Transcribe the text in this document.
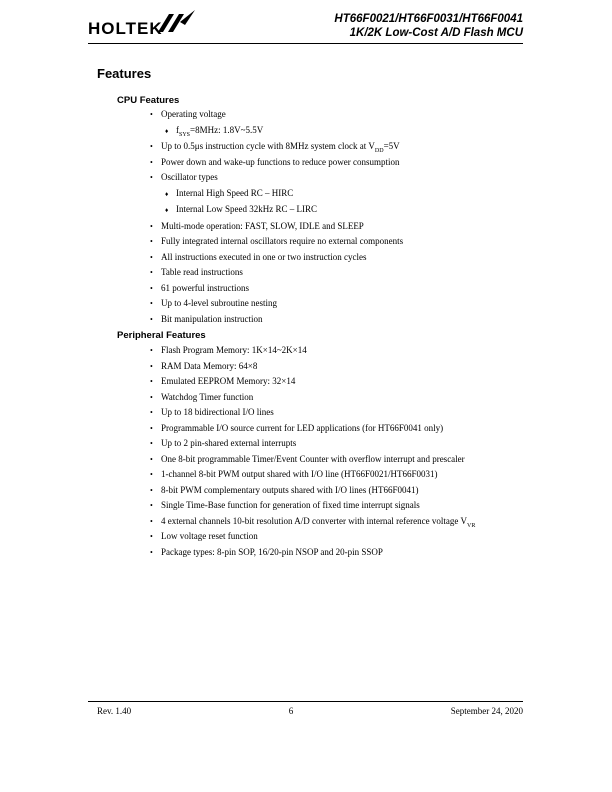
HOLTEK	HT66F0021/HT66F0031/HT66F0041
1K/2K Low-Cost A/D Flash MCU
Features
CPU Features
• Operating voltage
♦ $f_{SYS}=8MHz$: 1.8V~5.5V
• Up to 0.5μs instruction cycle with 8MHz system clock at $V_{DD}=5V$
• Power down and wake-up functions to reduce power consumption
• Oscillator types
♦ Internal High Speed RC – HIRC
♦ Internal Low Speed 32kHz RC – LIRC
• Multi-mode operation: FAST, SLOW, IDLE and SLEEP
• Fully integrated internal oscillators require no external components
• All instructions executed in one or two instruction cycles
• Table read instructions
• 61 powerful instructions
• Up to 4-level subroutine nesting
• Bit manipulation instruction
Peripheral Features
• Flash Program Memory: 1K×14~2K×14
• RAM Data Memory: 64×8
• Emulated EEPROM Memory: 32×14
• Watchdog Timer function
• Up to 18 bidirectional I/O lines
• Programmable I/O source current for LED applications (for HT66F0041 only)
• Up to 2 pin-shared external interrupts
• One 8-bit programmable Timer/Event Counter with overflow interrupt and prescaler
• 1-channel 8-bit PWM output shared with I/O line (HT66F0021/HT66F0031)
• 8-bit PWM complementary outputs shared with I/O lines (HT66F0041)
• Single Time-Base function for generation of fixed time interrupt signals
• 4 external channels 10-bit resolution A/D converter with internal reference voltage $V_{VR}$
• Low voltage reset function
• Package types: 8-pin SOP, 16/20-pin NSOP and 20-pin SSOP
Rev. 1.40	6	September 24, 2020
